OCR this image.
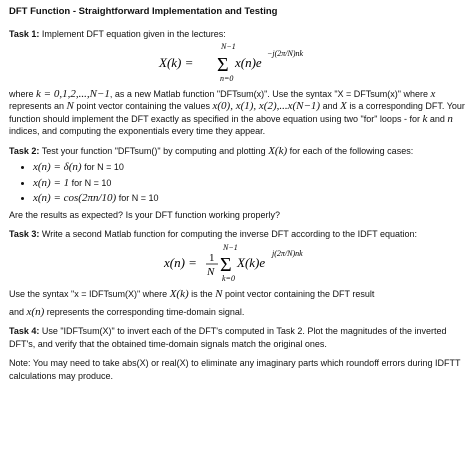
DFT Function - Straightforward Implementation and Testing
Task 1: Implement DFT equation given in the lectures:
X(k) =
N−1
Σ
n=0
x(n)e
−j(2π/N)nk
where k = 0,1,2,...,N−1, as a new Matlab function "DFTsum(x)". Use the syntax "X = DFTsum(x)" where x represents an N point vector containing the values x(0), x(1), x(2),...x(N−1) and X is a corresponding DFT. Your function should implement the DFT exactly as specified in the above equation using two "for" loops - for k and n indices, and computing the exponentials every time they appear.
Task 2: Test your function "DFTsum()" by computing and plotting X(k) for each of the following cases:
• x(n) = δ(n) for N = 10
• x(n) = 1 for N = 10
• x(n) = cos(2πn/10) for N = 10
Are the results as expected? Is your DFT function working properly?
Task 3: Write a second Matlab function for computing the inverse DFT according to the IDFT equation:
x(n) = 1
N
N−1
Σ
k=0
X(k)e
j(2π/N)nk
Use the syntax "x = IDFTsum(X)" where X(k) is the N point vector containing the DFT result
and x(n) represents the corresponding time-domain signal.
Task 4: Use "IDFTsum(X)" to invert each of the DFT's computed in Task 2. Plot the magnitudes of the inverted DFT's, and verify that the obtained time-domain signals match the original ones.
Note: You may need to take abs(X) or real(X) to eliminate any imaginary parts which roundoff errors during IDFTT calculations may produce.
